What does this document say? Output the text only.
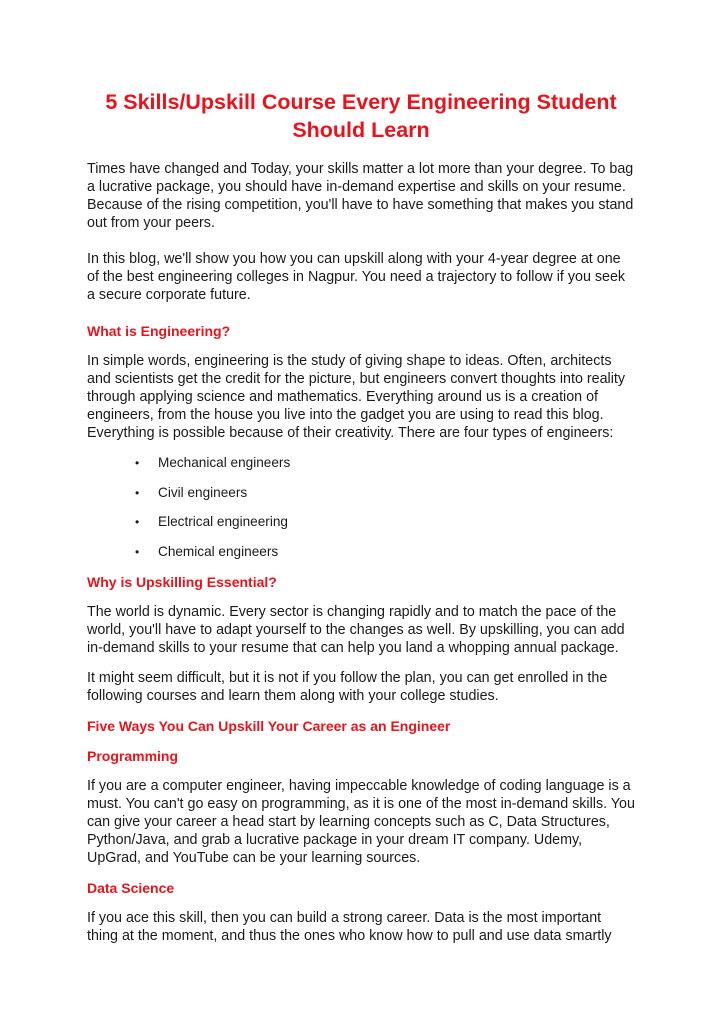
5 Skills/Upskill Course Every Engineering Student Should Learn

Times have changed and Today, your skills matter a lot more than your degree. To bag a lucrative package, you should have in-demand expertise and skills on your resume. Because of the rising competition, you'll have to have something that makes you stand out from your peers.

In this blog, we'll show you how you can upskill along with your 4-year degree at one of the best engineering colleges in Nagpur. You need a trajectory to follow if you seek a secure corporate future.

What is Engineering?

In simple words, engineering is the study of giving shape to ideas. Often, architects and scientists get the credit for the picture, but engineers convert thoughts into reality through applying science and mathematics. Everything around us is a creation of engineers, from the house you live into the gadget you are using to read this blog. Everything is possible because of their creativity. There are four types of engineers:

• Mechanical engineers
• Civil engineers
• Electrical engineering
• Chemical engineers
Why is Upskilling Essential?

The world is dynamic. Every sector is changing rapidly and to match the pace of the world, you'll have to adapt yourself to the changes as well. By upskilling, you can add in-demand skills to your resume that can help you land a whopping annual package.

It might seem difficult, but it is not if you follow the plan, you can get enrolled in the following courses and learn them along with your college studies.

Five Ways You Can Upskill Your Career as an Engineer
Programming

If you are a computer engineer, having impeccable knowledge of coding language is a must. You can't go easy on programming, as it is one of the most in-demand skills. You can give your career a head start by learning concepts such as C, Data Structures, Python/Java, and grab a lucrative package in your dream IT company. Udemy, UpGrad, and YouTube can be your learning sources.

Data Science

If you ace this skill, then you can build a strong career. Data is the most important thing at the moment, and thus the ones who know how to pull and use data smartly
